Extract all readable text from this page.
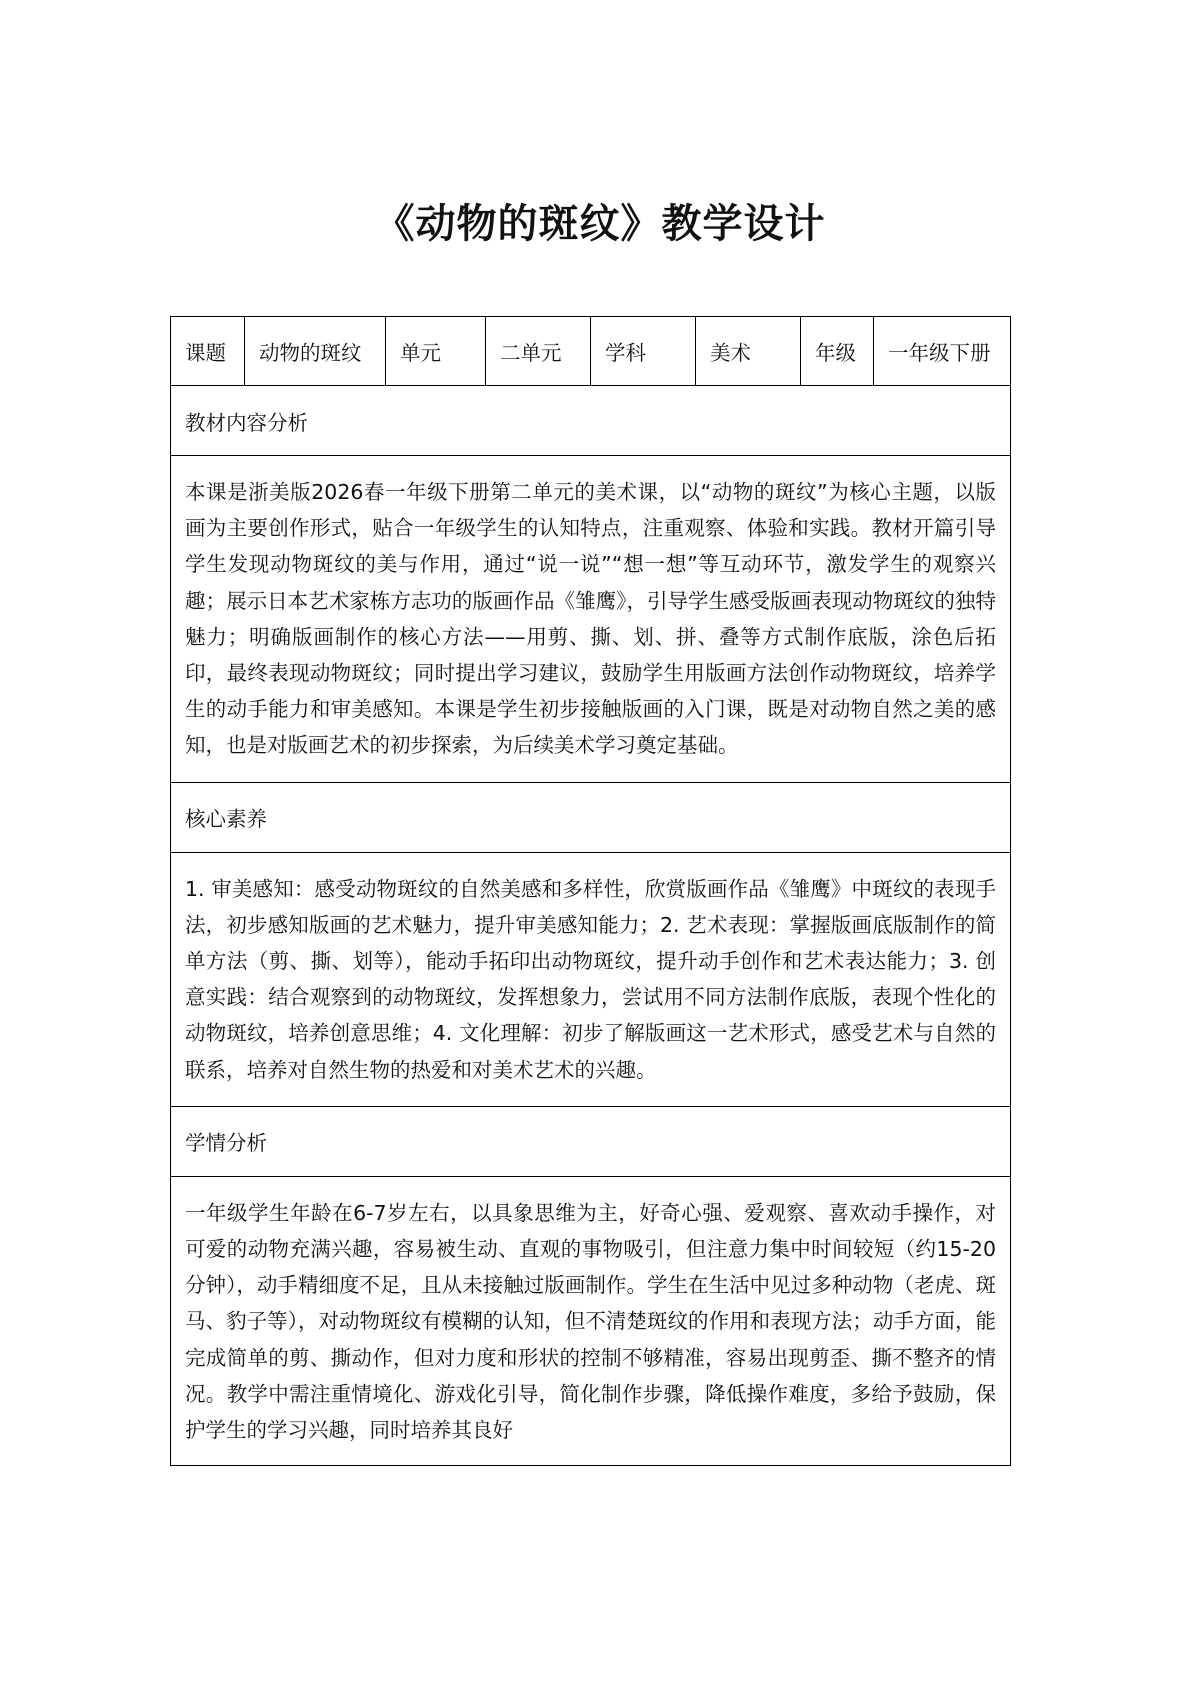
《动物的斑纹》教学设计
课题	动物的斑纹	单元	二单元	学科	美术	年级	一年级下册
教材内容分析
本课是浙美版2026春一年级下册第二单元的美术课，以“动物的斑纹”为核心主题，以版画为主要创作形式，贴合一年级学生的认知特点，注重观察、体验和实践。教材开篇引导学生发现动物斑纹的美与作用，通过“说一说”“想一想”等互动环节，激发学生的观察兴趣；展示日本艺术家栋方志功的版画作品《雏鹰》，引导学生感受版画表现动物斑纹的独特魅力；明确版画制作的核心方法——用剪、撕、划、拼、叠等方式制作底版，涂色后拓印，最终表现动物斑纹；同时提出学习建议，鼓励学生用版画方法创作动物斑纹，培养学生的动手能力和审美感知。本课是学生初步接触版画的入门课，既是对动物自然之美的感知，也是对版画艺术的初步探索，为后续美术学习奠定基础。
核心素养
1. 审美感知：感受动物斑纹的自然美感和多样性，欣赏版画作品《雏鹰》中斑纹的表现手法，初步感知版画的艺术魅力，提升审美感知能力；2. 艺术表现：掌握版画底版制作的简单方法（剪、撕、划等），能动手拓印出动物斑纹，提升动手创作和艺术表达能力；3. 创意实践：结合观察到的动物斑纹，发挥想象力，尝试用不同方法制作底版，表现个性化的动物斑纹，培养创意思维；4. 文化理解：初步了解版画这一艺术形式，感受艺术与自然的联系，培养对自然生物的热爱和对美术艺术的兴趣。
学情分析

一年级学生年龄在6-7岁左右，以具象思维为主，好奇心强、爱观察、喜欢动手操作，对可爱的动物充满兴趣，容易被生动、直观的事物吸引，但注意力集中时间较短（约15-20分钟），动手精细度不足，且从未接触过版画制作。学生在生活中见过多种动物（老虎、斑马、豹子等），对动物斑纹有模糊的认知，但不清楚斑纹的作用和表现方法；动手方面，能完成简单的剪、撕动作，但对力度和形状的控制不够精准，容易出现剪歪、撕不整齐的情况。教学中需注重情境化、游戏化引导，简化制作步骤，降低操作难度，多给予鼓励，保护学生的学习兴趣，同时培养其良好
